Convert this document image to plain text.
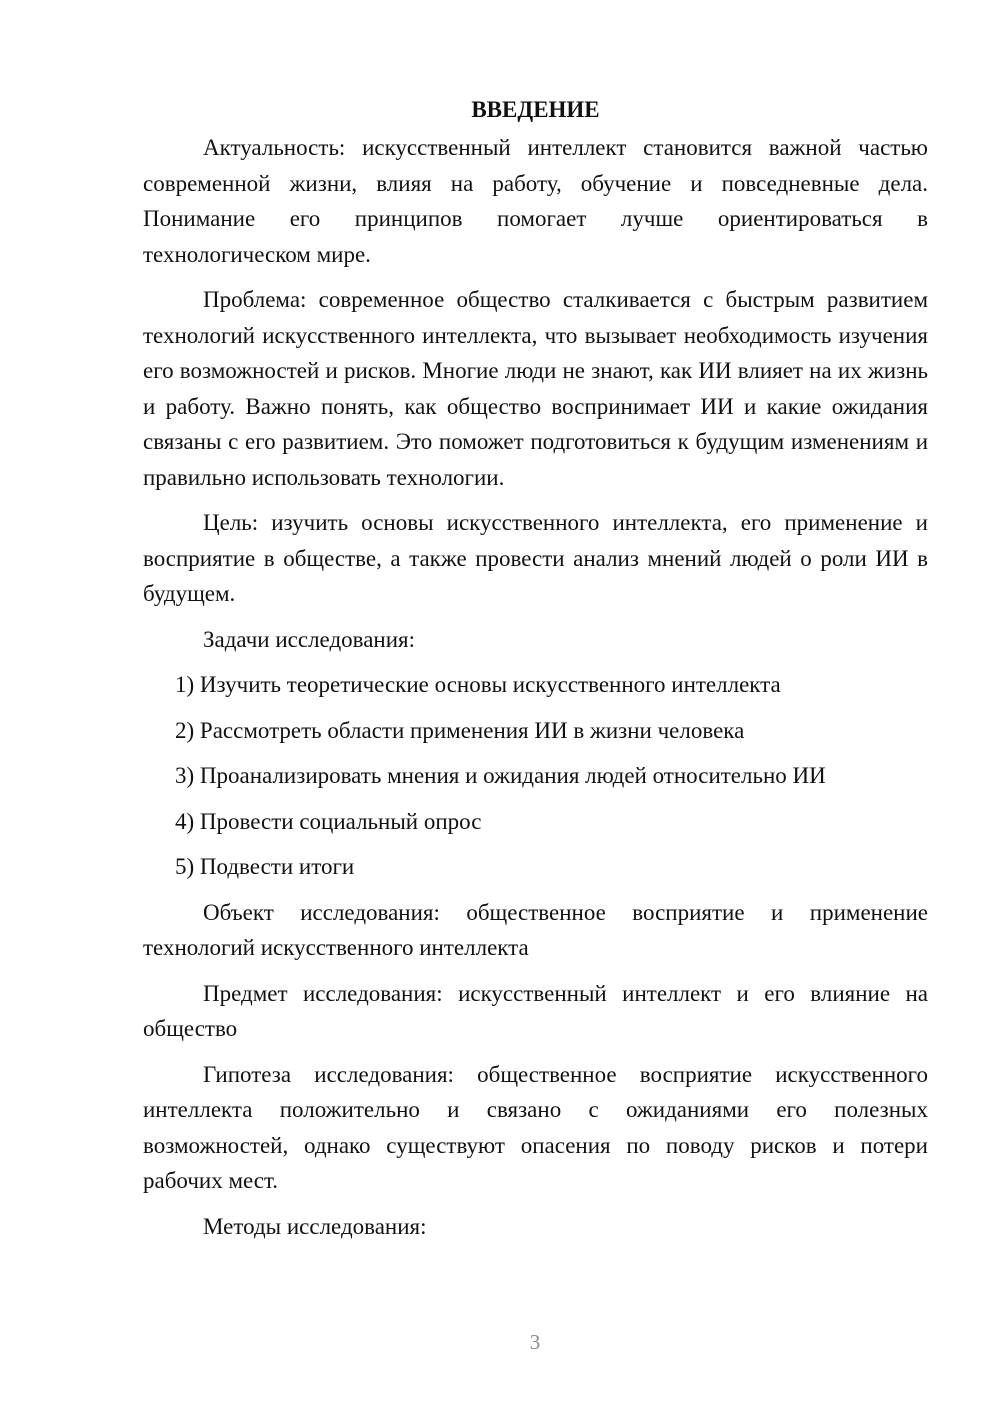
ВВЕДЕНИЕ

Актуальность: искусственный интеллект становится важной частью современной жизни, влияя на работу, обучение и повседневные дела. Понимание его принципов помогает лучше ориентироваться в технологическом мире.

Проблема: современное общество сталкивается с быстрым развитием технологий искусственного интеллекта, что вызывает необходимость изучения его возможностей и рисков. Многие люди не знают, как ИИ влияет на их жизнь и работу. Важно понять, как общество воспринимает ИИ и какие ожидания связаны с его развитием. Это поможет подготовиться к будущим изменениям и правильно использовать технологии.

Цель: изучить основы искусственного интеллекта, его применение и восприятие в обществе, а также провести анализ мнений людей о роли ИИ в будущем.

Задачи исследования:

1) Изучить теоретические основы искусственного интеллекта
2) Рассмотреть области применения ИИ в жизни человека
3) Проанализировать мнения и ожидания людей относительно ИИ
4) Провести социальный опрос
5) Подвести итоги

Объект исследования: общественное восприятие и применение технологий искусственного интеллекта

Предмет исследования: искусственный интеллект и его влияние на общество

Гипотеза исследования: общественное восприятие искусственного интеллекта положительно и связано с ожиданиями его полезных возможностей, однако существуют опасения по поводу рисков и потери рабочих мест.

Методы исследования:

3
